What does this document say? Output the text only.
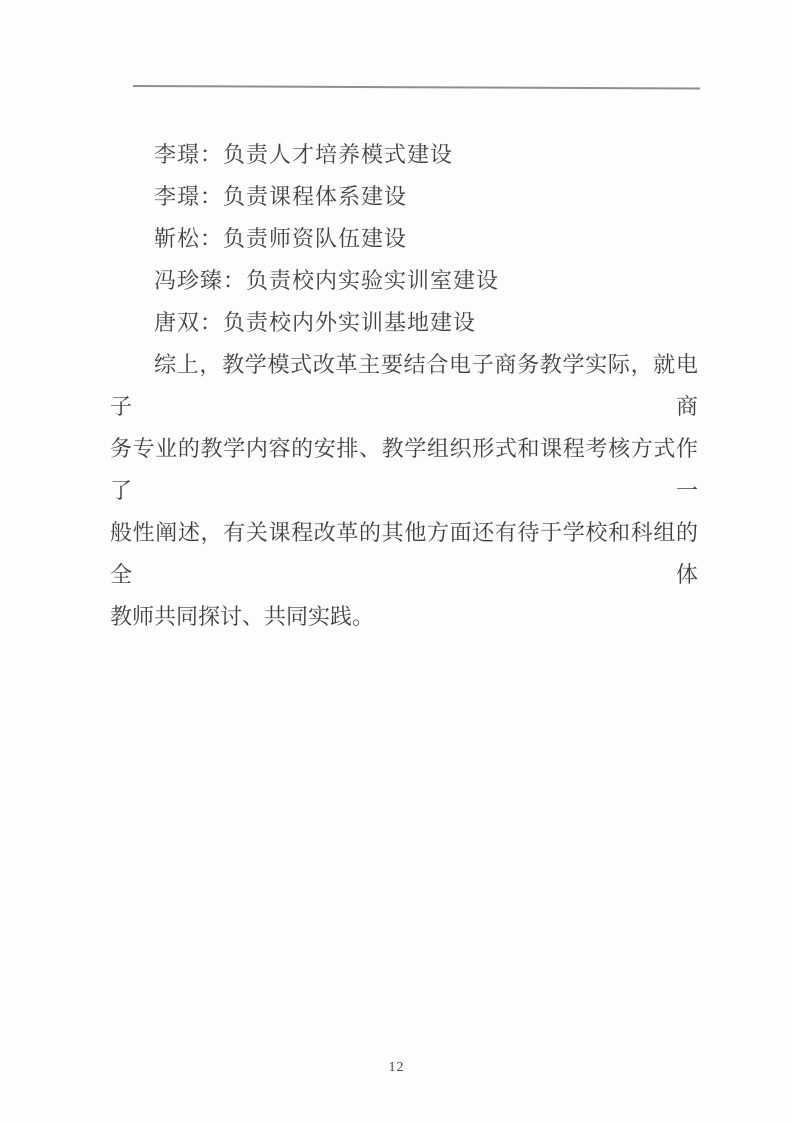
李璟：负责人才培养模式建设
李璟：负责课程体系建设
靳松：负责师资队伍建设
冯珍臻：负责校内实验实训室建设
唐双：负责校内外实训基地建设
综上，教学模式改革主要结合电子商务教学实际，就电子商
务专业的教学内容的安排、教学组织形式和课程考核方式作了一
般性阐述，有关课程改革的其他方面还有待于学校和科组的全体
教师共同探讨、共同实践。
12
